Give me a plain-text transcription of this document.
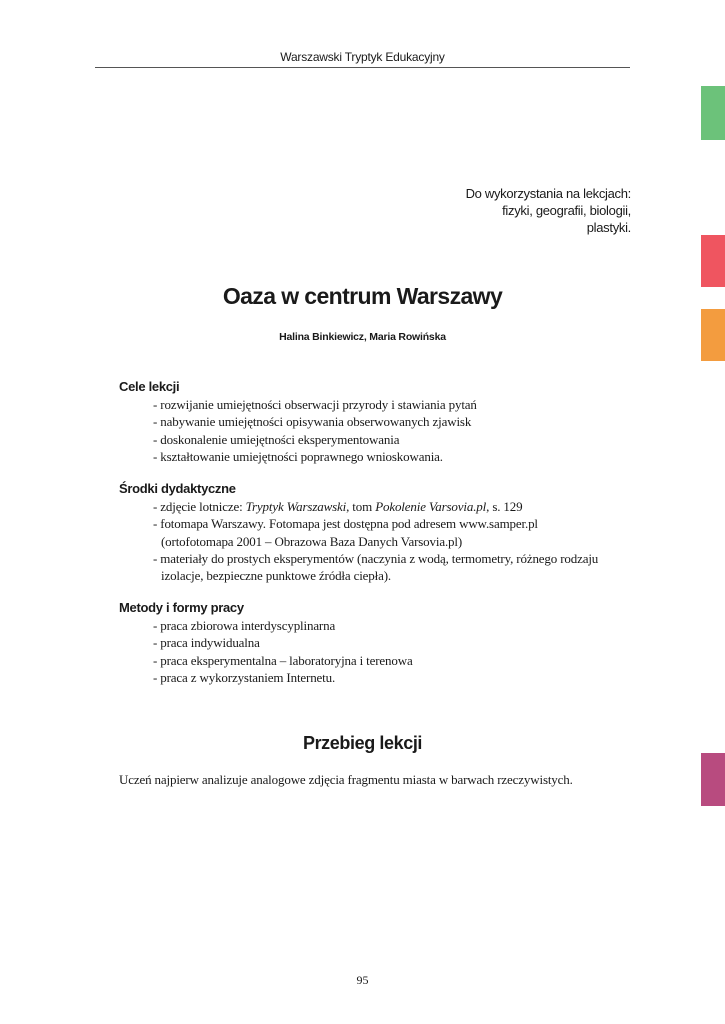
Warszawski Tryptyk Edukacyjny
Do wykorzystania na lekcjach:
fizyki, geografii, biologii,
plastyki.
Oaza w centrum Warszawy
Halina Binkiewicz, Maria Rowińska
Cele lekcji
- rozwijanie umiejętności obserwacji przyrody i stawiania pytań
- nabywanie umiejętności opisywania obserwowanych zjawisk
- doskonalenie umiejętności eksperymentowania
- kształtowanie umiejętności poprawnego wnioskowania.
Środki dydaktyczne
- zdjęcie lotnicze: Tryptyk Warszawski, tom Pokolenie Varsovia.pl, s. 129
- fotomapa Warszawy. Fotomapa jest dostępna pod adresem www.samper.pl
(ortofotomapa 2001 – Obrazowa Baza Danych Varsovia.pl)
- materiały do prostych eksperymentów (naczynia z wodą, termometry, różnego rodzaju
izolacje, bezpieczne punktowe źródła ciepła).
Metody i formy pracy
- praca zbiorowa interdyscyplinarna
- praca indywidualna
- praca eksperymentalna – laboratoryjna i terenowa
- praca z wykorzystaniem Internetu.
Przebieg lekcji
Uczeń najpierw analizuje analogowe zdjęcia fragmentu miasta w barwach rzeczywistych.
95
